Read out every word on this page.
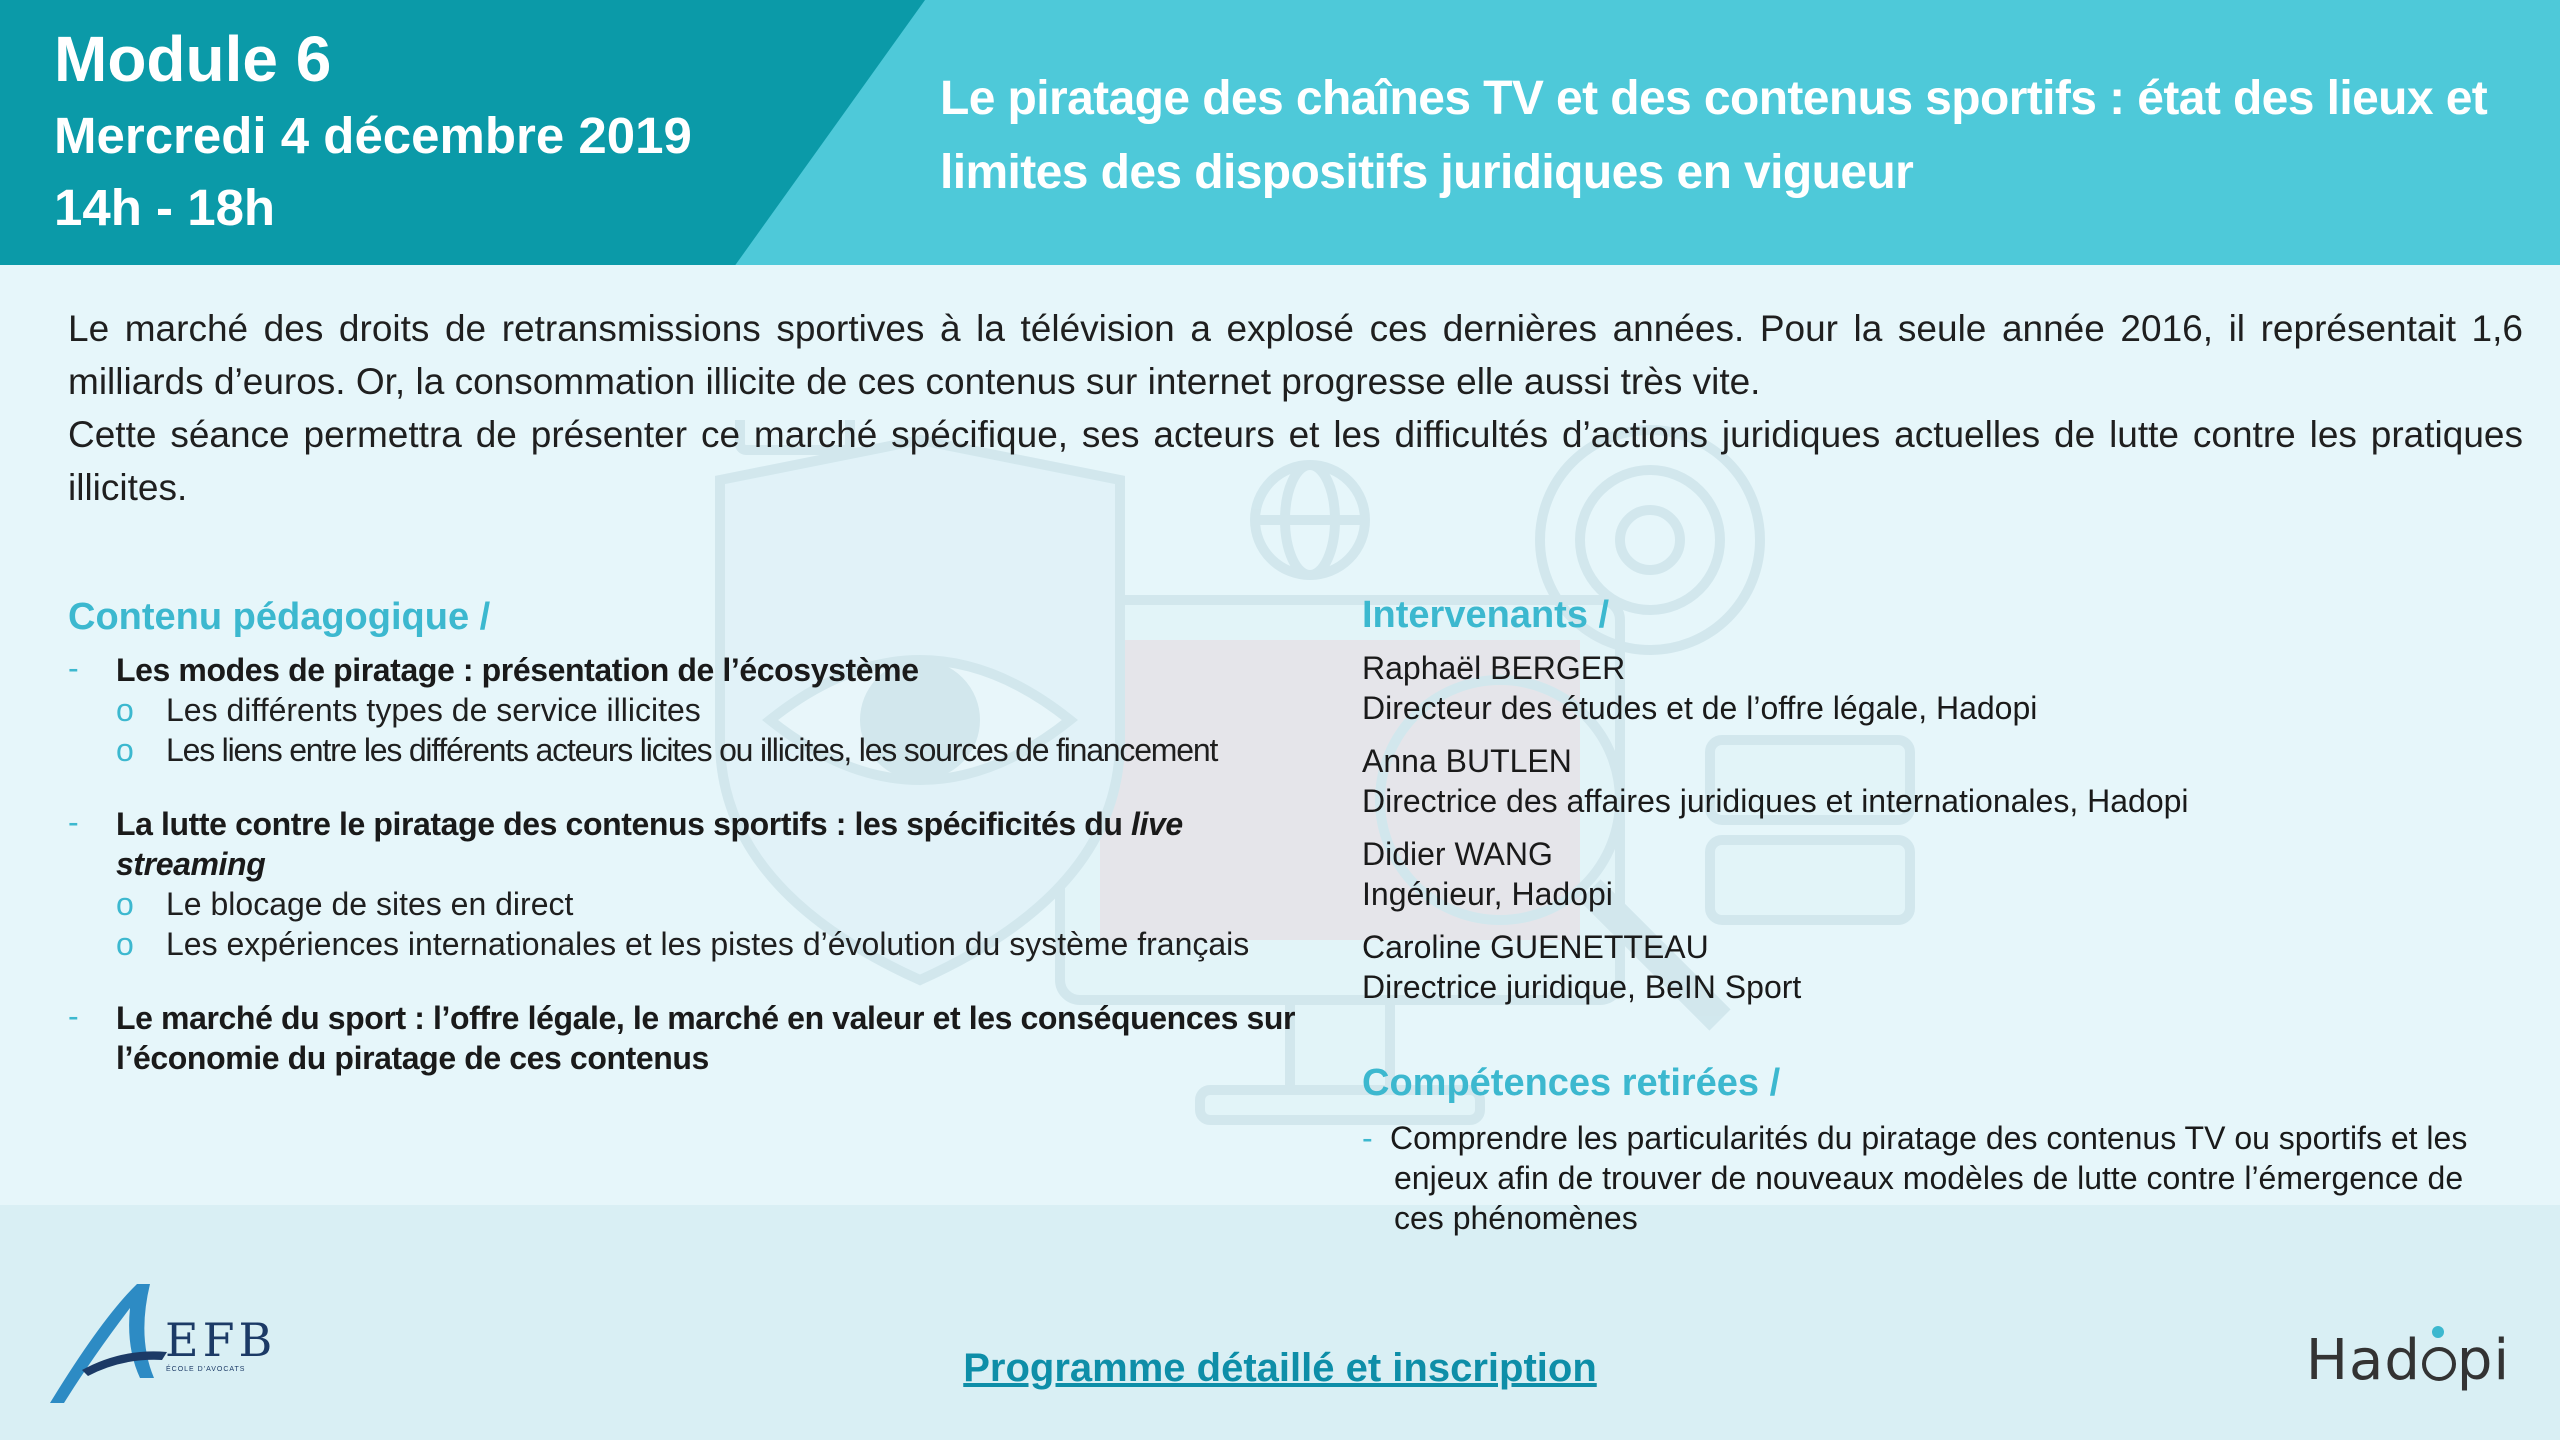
Module 6
Mercredi 4 décembre 2019
14h - 18h
Le piratage des chaînes TV et des contenus sportifs : état des lieux et limites des dispositifs juridiques en vigueur

Le marché des droits de retransmissions sportives à la télévision a explosé ces dernières années. Pour la seule année 2016, il représentait 1,6 milliards d’euros. Or, la consommation illicite de ces contenus sur internet progresse elle aussi très vite.

Cette séance permettra de présenter ce marché spécifique, ses acteurs et les difficultés d’actions juridiques actuelles de lutte contre les pratiques illicites.

Contenu pédagogique /
- Les modes de piratage : présentation de l’écosystème
o Les différents types de service illicites
o Les liens entre les différents acteurs licites ou illicites, les sources de financement
- La lutte contre le piratage des contenus sportifs : les spécificités du live streaming
o Le blocage de sites en direct
o Les expériences internationales et les pistes d’évolution du système français
- Le marché du sport : l’offre légale, le marché en valeur et les conséquences sur
l’économie du piratage de ces contenus
Intervenants /
Raphaël BERGER
Directeur des études et de l’offre légale, Hadopi
Anna BUTLEN
Directrice des affaires juridiques et internationales, Hadopi
Didier WANG
Ingénieur, Hadopi
Caroline GUENETTEAU
Directrice juridique, BeIN Sport
Compétences retirées /
- Comprendre les particularités du piratage des contenus TV ou sportifs et les
enjeux afin de trouver de nouveaux modèles de lutte contre l’émergence de
ces phénomènes
Programme détaillé et inscription
EFB
ÉCOLE D'AVOCATS	Had pi
